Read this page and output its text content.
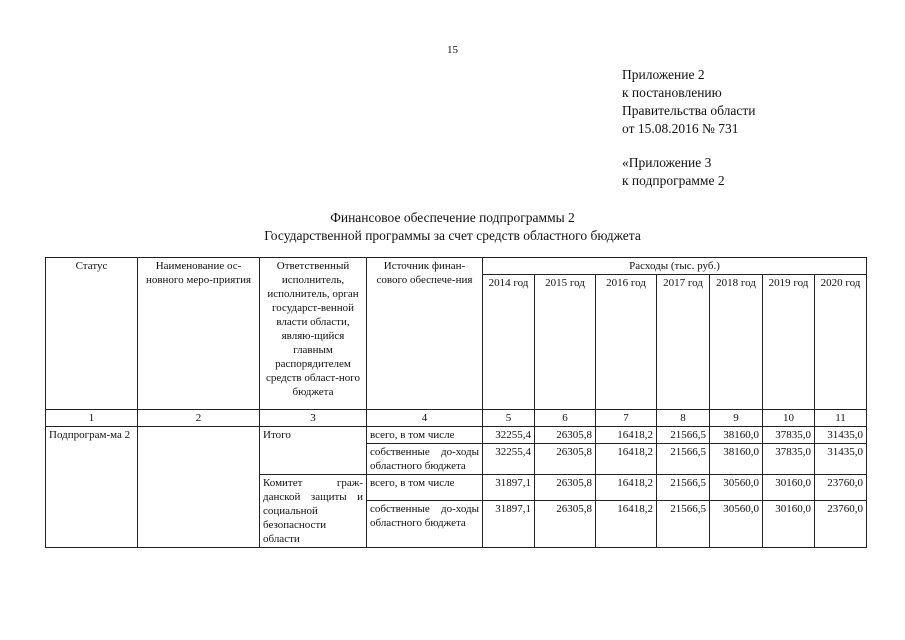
15
Приложение 2
к постановлению
Правительства области
от 15.08.2016 № 731
«Приложение 3
к подпрограмме 2
Финансовое обеспечение подпрограммы 2
Государственной программы за счет средств областного бюджета
Статус	Наименование ос-новного меро-приятия	Ответственный исполнитель, исполнитель, орган государст-венной власти области, являю-щийся главным распорядителем средств област-ного бюджета	Источник финан-сового обеспече-ния	Расходы (тыс. руб.)						
				2014 год	2015 год	2016 год	2017 год	2018 год	2019 год	2020 год
1	2	3	4	5	6	7	8	9	10	11
Подпрограм-ма 2		Итого	всего, в том числе	32255,4	26305,8	16418,2	21566,5	38160,0	37835,0	31435,0
			собственные до-ходы областного бюджета	32255,4	26305,8	16418,2	21566,5	38160,0	37835,0	31435,0
		Комитет граж-данской защиты и социальной безопасности области	всего, в том числе	31897,1	26305,8	16418,2	21566,5	30560,0	30160,0	23760,0
			собственные до-ходы областного бюджета	31897,1	26305,8	16418,2	21566,5	30560,0	30160,0	23760,0
